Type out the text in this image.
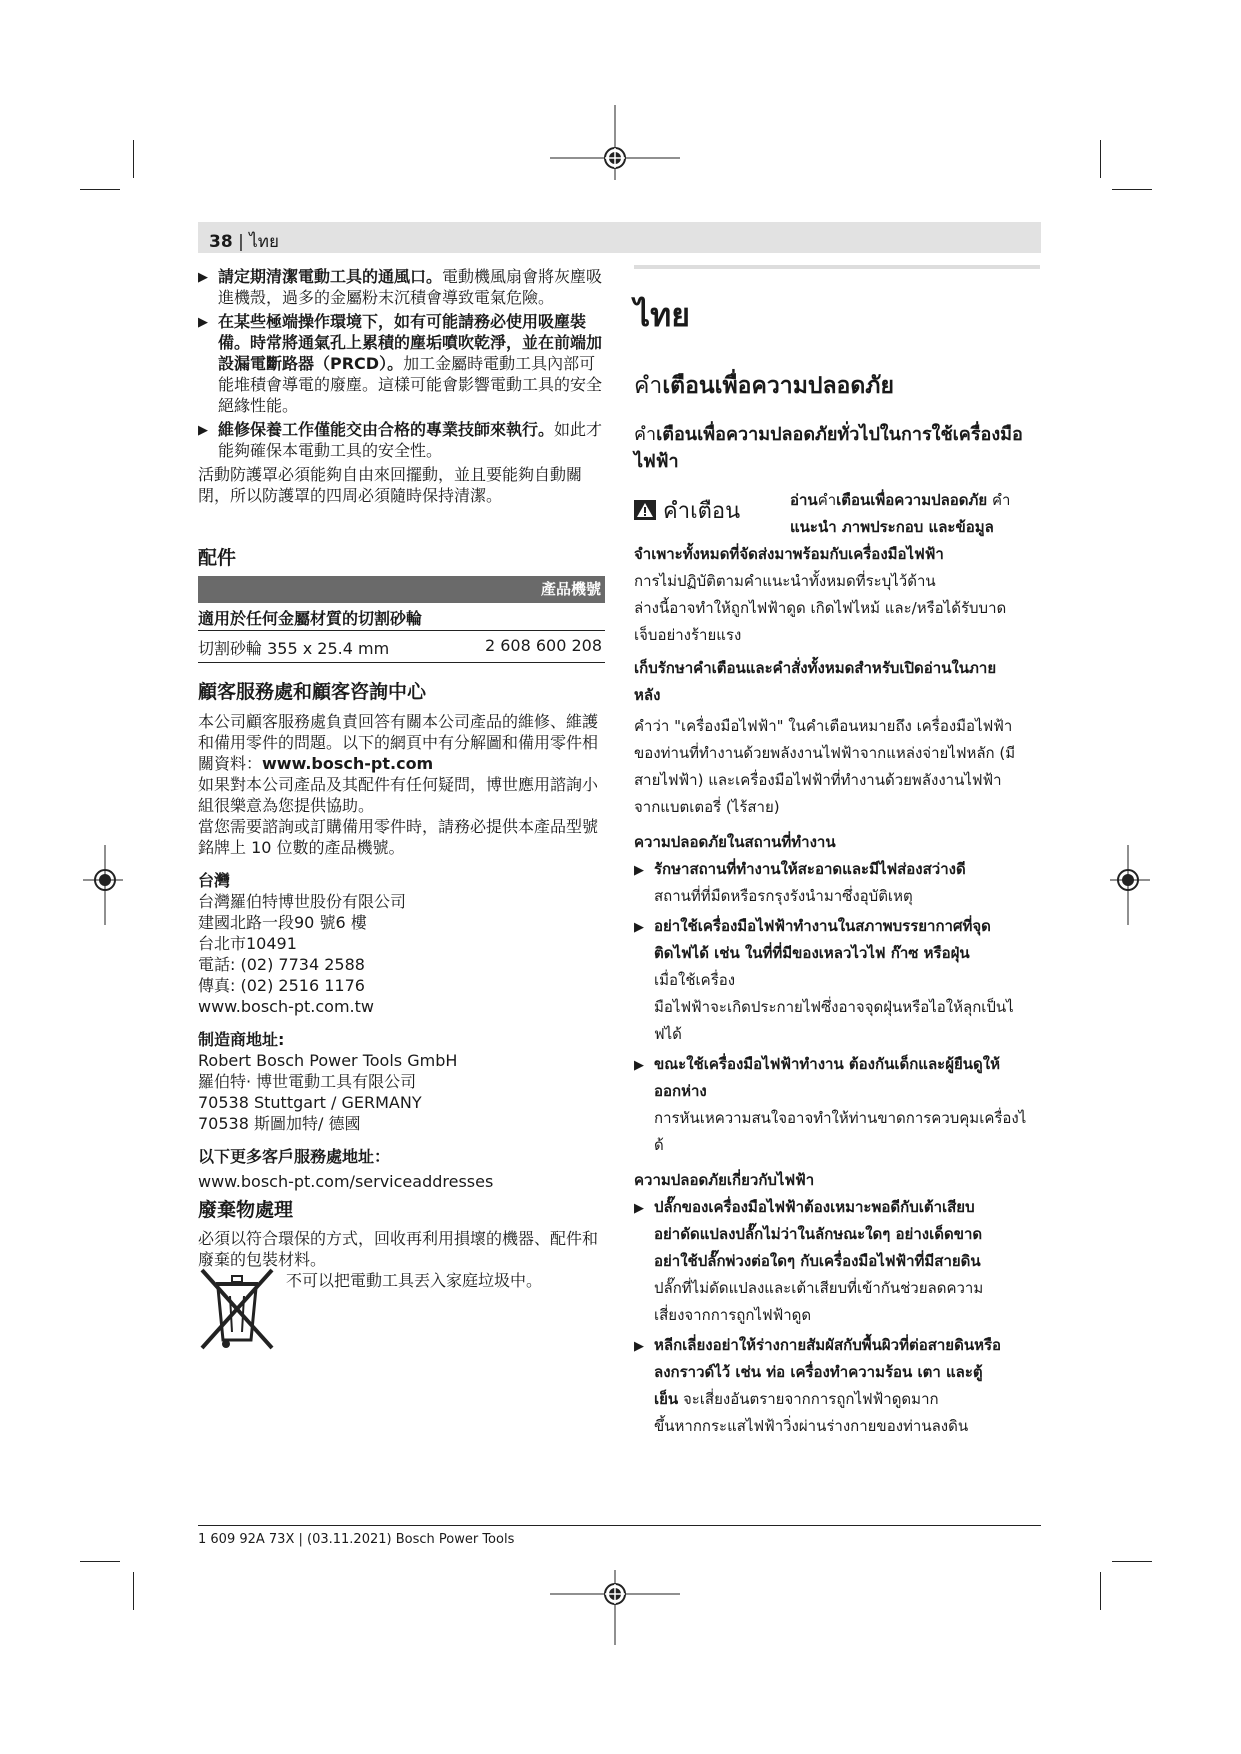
38 | ไทย
▶ 請定期清潔電動工具的通風口。電動機風扇會將灰塵吸進機殼，過多的金屬粉末沉積會導致電氣危險。
▶ 在某些極端操作環境下，如有可能請務必使用吸塵裝備。時常將通氣孔上累積的塵垢噴吹乾淨，並在前端加設漏電斷路器（PRCD）。加工金屬時電動工具內部可能堆積會導電的廢塵。這樣可能會影響電動工具的安全絕緣性能。
▶ 維修保養工作僅能交由合格的專業技師來執行。如此才能夠確保本電動工具的安全性。
活動防護罩必須能夠自由來回擺動，並且要能夠自動關閉，所以防護罩的四周必須隨時保持清潔。
配件
產品機號
適用於任何金屬材質的切割砂輪
切割砂輪 355 x 25.4 mm	2 608 600 208
顧客服務處和顧客咨詢中心
本公司顧客服務處負責回答有關本公司產品的維修、維護和備用零件的問題。以下的網頁中有分解圖和備用零件相關資料：www.bosch-pt.com
如果對本公司產品及其配件有任何疑問，博世應用諮詢小組很樂意為您提供協助。
當您需要諮詢或訂購備用零件時，請務必提供本產品型號銘牌上 10 位數的產品機號。
台灣
台灣羅伯特博世股份有限公司
建國北路一段90 號6 樓
台北市10491
電話: (02) 7734 2588
傳真: (02) 2516 1176
www.bosch-pt.com.tw
制造商地址:
Robert Bosch Power Tools GmbH
羅伯特· 博世電動工具有限公司
70538 Stuttgart / GERMANY
70538 斯圖加特/ 德國
以下更多客戶服務處地址：
www.bosch-pt.com/serviceaddresses
廢棄物處理
必須以符合環保的方式，回收再利用損壞的機器、配件和廢棄的包裝材料。
不可以把電動工具丟入家庭垃圾中。
ไทย
คำเตือนเพื่อความปลอดภัย
คำเตือนเพื่อความปลอดภัยทั่วไปในการใช้เครื่องมือไฟฟ้า
คำเตือน	อ่านคำเตือนเพื่อความปลอดภัย คำ
แนะนำ ภาพประกอบ และข้อมูล
จำเพาะทั้งหมดที่จัดส่งมาพร้อมกับเครื่องมือไฟฟ้า
การไม่ปฏิบัติตามคำแนะนำทั้งหมดที่ระบุไว้ด้าน
ล่างนี้อาจทำให้ถูกไฟฟ้าดูด เกิดไฟไหม้ และ/หรือได้รับบาด
เจ็บอย่างร้ายแรง
เก็บรักษาคำเตือนและคำสั่งทั้งหมดสำหรับเปิดอ่านในภาย
หลัง
คำว่า "เครื่องมือไฟฟ้า" ในคำเตือนหมายถึง เครื่องมือไฟฟ้า
ของท่านที่ทำงานด้วยพลังงานไฟฟ้าจากแหล่งจ่ายไฟหลัก (มี
สายไฟฟ้า) และเครื่องมือไฟฟ้าที่ทำงานด้วยพลังงานไฟฟ้า
จากแบตเตอรี่ (ไร้สาย)
ความปลอดภัยในสถานที่ทำงาน
▶ รักษาสถานที่ทำงานให้สะอาดและมีไฟส่องสว่างดี
สถานที่ที่มืดหรือรกรุงรังนำมาซึ่งอุบัติเหตุ
▶ อย่าใช้เครื่องมือไฟฟ้าทำงานในสภาพบรรยากาศที่จุด
ติดไฟได้ เช่น ในที่ที่มีของเหลวไวไฟ ก๊าซ หรือฝุ่น
เมื่อใช้เครื่อง
มือไฟฟ้าจะเกิดประกายไฟซึ่งอาจจุดฝุ่นหรือไอให้ลุกเป็นไ
ฟได้
▶ ขณะใช้เครื่องมือไฟฟ้าทำงาน ต้องกันเด็กและผู้ยืนดูให้
ออกห่าง
การหันเหความสนใจอาจทำให้ท่านขาดการควบคุมเครื่องไ
ด้
ความปลอดภัยเกี่ยวกับไฟฟ้า
▶ ปลั๊กของเครื่องมือไฟฟ้าต้องเหมาะพอดีกับเต้าเสียบ
อย่าดัดแปลงปลั๊กไม่ว่าในลักษณะใดๆ อย่างเด็ดขาด
อย่าใช้ปลั๊กพ่วงต่อใดๆ กับเครื่องมือไฟฟ้าที่มีสายดิน
ปลั๊กที่ไม่ดัดแปลงและเต้าเสียบที่เข้ากันช่วยลดความ
เสี่ยงจากการถูกไฟฟ้าดูด
▶ หลีกเลี่ยงอย่าให้ร่างกายสัมผัสกับพื้นผิวที่ต่อสายดินหรือ
ลงกราวด์ไว้ เช่น ท่อ เครื่องทำความร้อน เตา และตู้
เย็น จะเสี่ยงอันตรายจากการถูกไฟฟ้าดูดมาก
ขึ้นหากกระแสไฟฟ้าวิ่งผ่านร่างกายของท่านลงดิน
1 609 92A 73X | (03.11.2021) Bosch Power Tools
